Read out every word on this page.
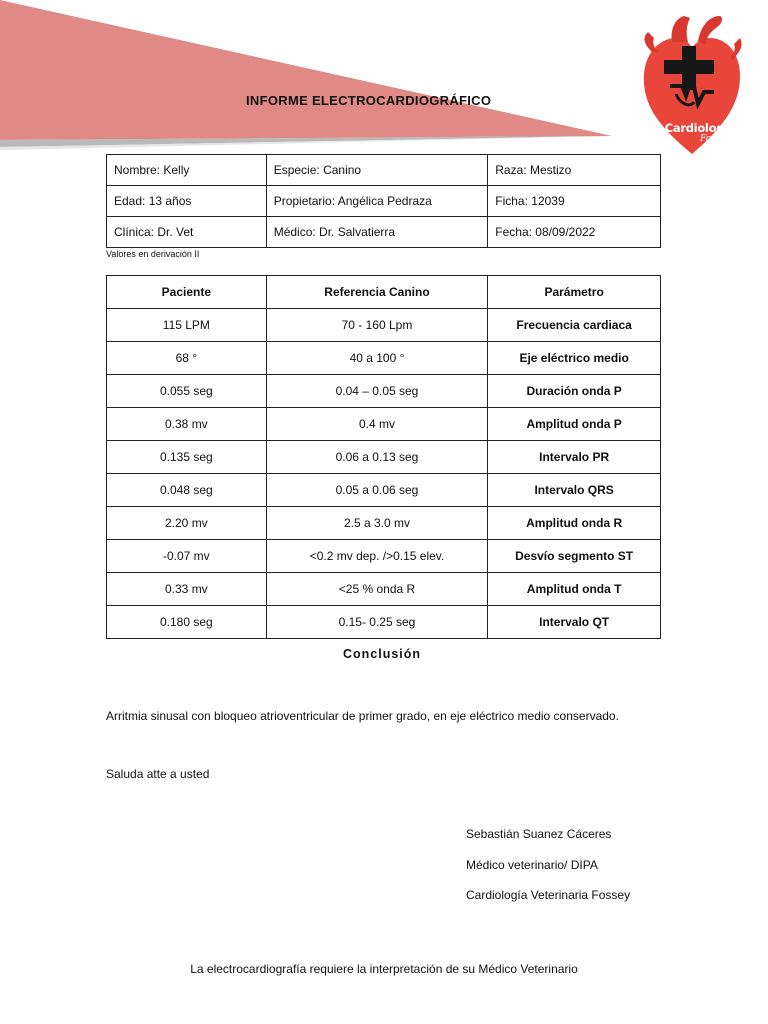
INFORME ELECTROCARDIOGRÁFICO
Cardiología
Fossey
Nombre: Kelly	Especie: Canino	Raza: Mestizo
Edad: 13 años	Propietario: Angélica Pedraza	Ficha: 12039
Clínica: Dr. Vet	Médico: Dr. Salvatierra	Fecha: 08/09/2022
Valores en derivación II
Paciente	Referencia Canino	Parámetro
115 LPM	70 - 160 Lpm	Frecuencia cardiaca
68 °	40 a 100 °	Eje eléctrico medio
0.055 seg	0.04 – 0.05 seg	Duración onda P
0.38 mv	0.4 mv	Amplitud onda P
0.135 seg	0.06 a 0.13 seg	Intervalo PR
0.048 seg	0.05 a 0.06 seg	Intervalo QRS
2.20 mv	2.5 a 3.0 mv	Amplitud onda R
-0.07 mv	<0.2 mv dep. />0.15 elev.	Desvío segmento ST
0.33 mv	<25 % onda R	Amplitud onda T
0.180 seg	0.15- 0.25 seg	Intervalo QT
Conclusión
Arritmia sinusal con bloqueo atrioventricular de primer grado, en eje eléctrico medio conservado.
Saluda atte a usted
Sebastián Suanez Cáceres
Médico veterinario/ DIPA
Cardiología Veterinaria Fossey
La electrocardiografía requiere la interpretación de su Médico Veterinario
